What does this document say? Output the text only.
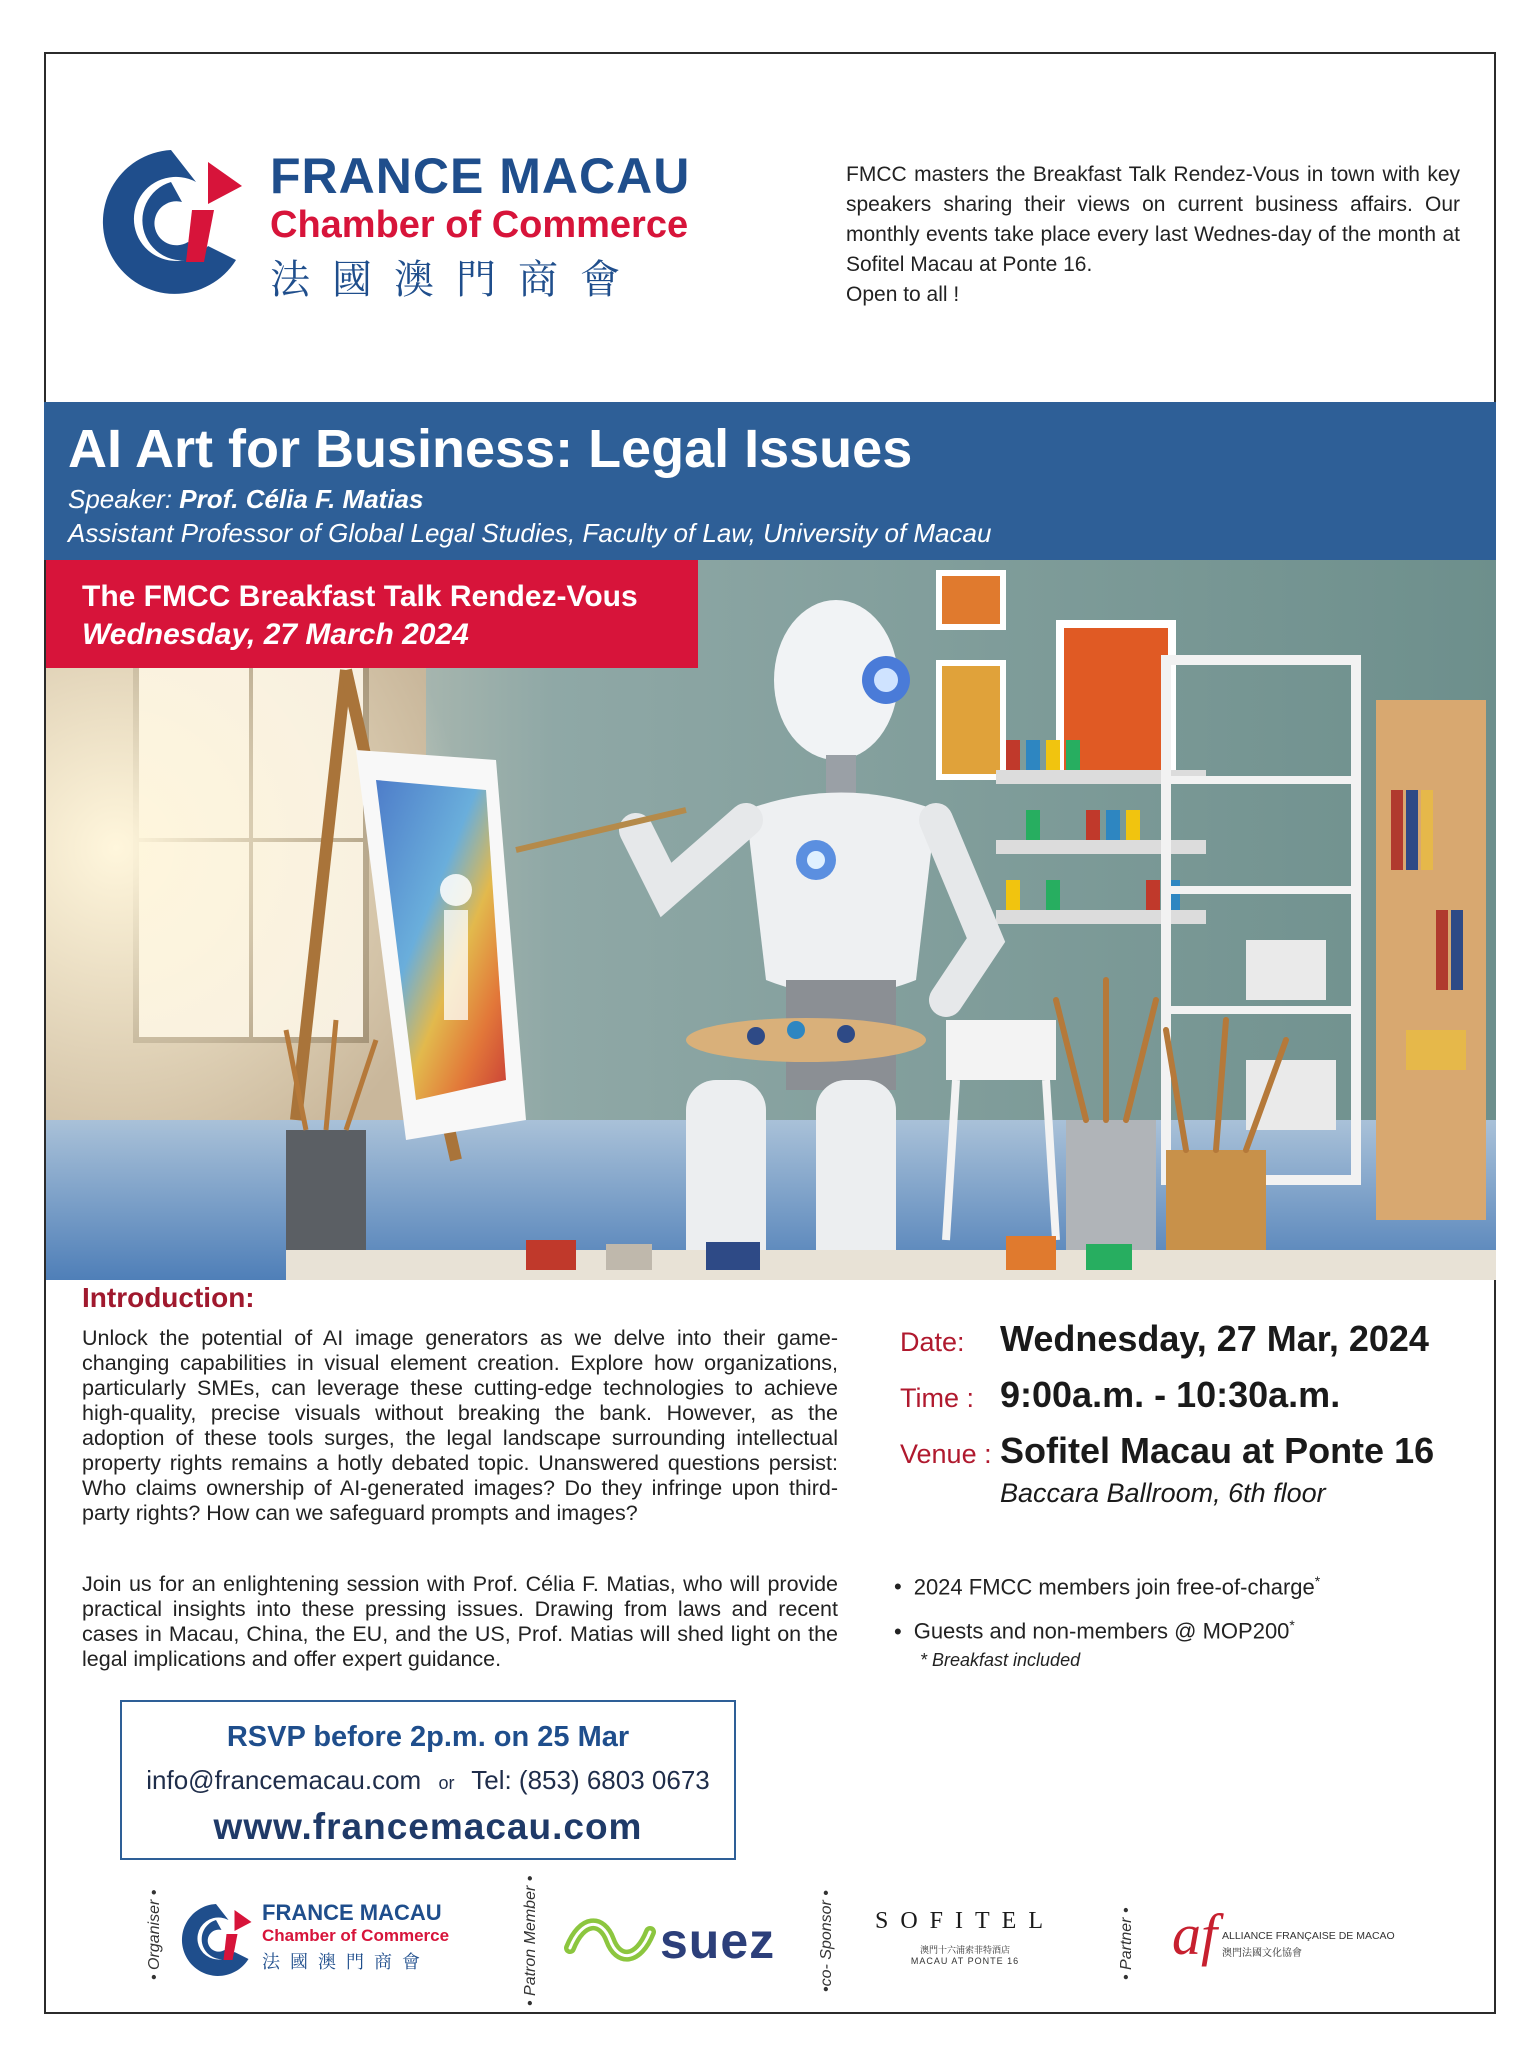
FRANCE MACAU
Chamber of Commerce
法國澳門商會
FMCC masters the Breakfast Talk Rendez-Vous in town with key speakers sharing their views on current business affairs. Our monthly events take place every last Wednes-day of the month at Sofitel Macau at Ponte 16.
Open to all !
AI Art for Business: Legal Issues
Speaker: Prof. Célia F. Matias
Assistant Professor of Global Legal Studies, Faculty of Law, University of Macau
The FMCC Breakfast Talk Rendez-Vous
Wednesday, 27 March 2024
Introduction:

Unlock the potential of AI image generators as we delve into their game-changing capabilities in visual element creation. Explore how organizations, particularly SMEs, can leverage these cutting-edge technologies to achieve high-quality, precise visuals without breaking the bank. However, as the adoption of these tools surges, the legal landscape surrounding intellectual property rights remains a hotly debated topic. Unanswered questions persist: Who claims ownership of AI-generated images? Do they infringe upon third-party rights? How can we safeguard prompts and images?

Join us for an enlightening session with Prof. Célia F. Matias, who will provide practical insights into these pressing issues. Drawing from laws and recent cases in Macau, China, the EU, and the US, Prof. Matias will shed light on the legal implications and offer expert guidance.

Date: Wednesday, 27 Mar, 2024
Time : 9:00a.m. - 10:30a.m.
Venue : Sofitel Macau at Ponte 16
Baccara Ballroom, 6th floor
• 2024 FMCC members join free-of-charge*
• Guests and non-members @ MOP200*
* Breakfast included
RSVP before 2p.m. on 25 Mar
info@francemacau.com or Tel: (853) 6803 0673
www.francemacau.com
• Organiser •	FRANCE MACAU
Chamber of Commerce
法國澳門商會	• Patron Member • suez	•co- Sponsor • SOFITEL
澳門十六浦索菲特酒店
MACAU AT PONTE 16	• Partner • af ALLIANCE FRANÇAISE DE MACAO
澳門法國文化協會
